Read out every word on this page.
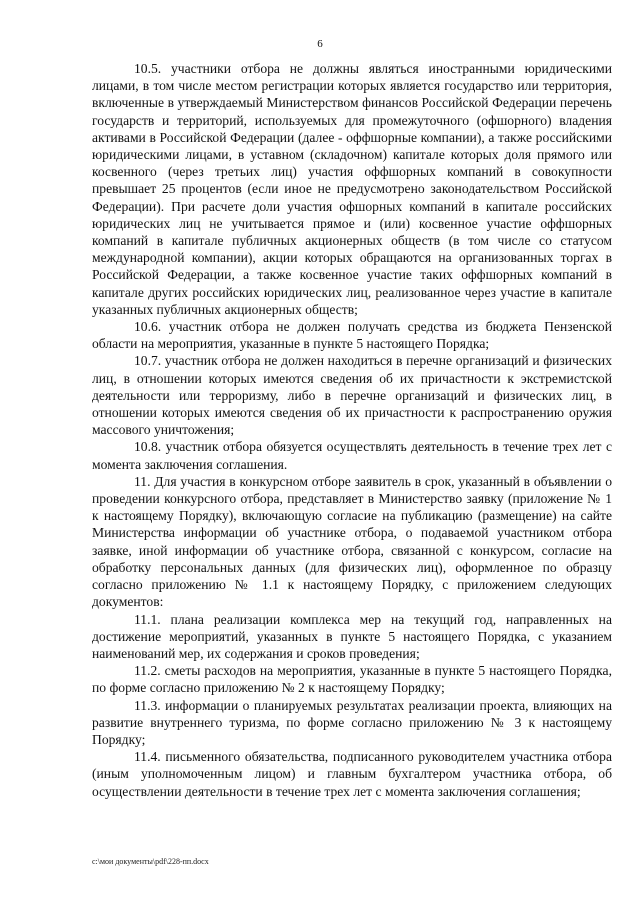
6

10.5. участники отбора не должны являться иностранными юридическими лицами, в том числе местом регистрации которых является государство или территория, включенные в утверждаемый Министерством финансов Российской Федерации перечень государств и территорий, используемых для промежуточного (офшорного) владения активами в Российской Федерации (далее - оффшорные компании), а также российскими юридическими лицами, в уставном (складочном) капитале которых доля прямого или косвенного (через третьих лиц) участия оффшорных компаний в совокупности превышает 25 процентов (если иное не предусмотрено законодательством Российской Федерации). При расчете доли участия офшорных компаний в капитале российских юридических лиц не учитывается прямое и (или) косвенное участие оффшорных компаний в капитале публичных акционерных обществ (в том числе со статусом международной компании), акции которых обращаются на организованных торгах в Российской Федерации, а также косвенное участие таких оффшорных компаний в капитале других российских юридических лиц, реализованное через участие в капитале указанных публичных акционерных обществ;

10.6. участник отбора не должен получать средства из бюджета Пензенской области на мероприятия, указанные в пункте 5 настоящего Порядка;

10.7. участник отбора не должен находиться в перечне организаций и физических лиц, в отношении которых имеются сведения об их причастности к экстремистской деятельности или терроризму, либо в перечне организаций и физических лиц, в отношении которых имеются сведения об их причастности к распространению оружия массового уничтожения;

10.8. участник отбора обязуется осуществлять деятельность в течение трех лет с момента заключения соглашения.

11. Для участия в конкурсном отборе заявитель в срок, указанный в объявлении о проведении конкурсного отбора, представляет в Министерство заявку (приложение № 1 к настоящему Порядку), включающую согласие на публикацию (размещение) на сайте Министерства информации об участнике отбора, о подаваемой участником отбора заявке, иной информации об участнике отбора, связанной с конкурсом, согласие на обработку персональных данных (для физических лиц), оформленное по образцу согласно приложению № 1.1 к настоящему Порядку, с приложением следующих документов:

11.1. плана реализации комплекса мер на текущий год, направленных на достижение мероприятий, указанных в пункте 5 настоящего Порядка, с указанием наименований мер, их содержания и сроков проведения;

11.2. сметы расходов на мероприятия, указанные в пункте 5 настоящего Порядка, по форме согласно приложению № 2 к настоящему Порядку;

11.3. информации о планируемых результатах реализации проекта, влияющих на развитие внутреннего туризма, по форме согласно приложению № 3 к настоящему Порядку;

11.4. письменного обязательства, подписанного руководителем участника отбора (иным уполномоченным лицом) и главным бухгалтером участника отбора, об осуществлении деятельности в течение трех лет с момента заключения соглашения;

c:\мои документы\pdf\228-пп.docx
